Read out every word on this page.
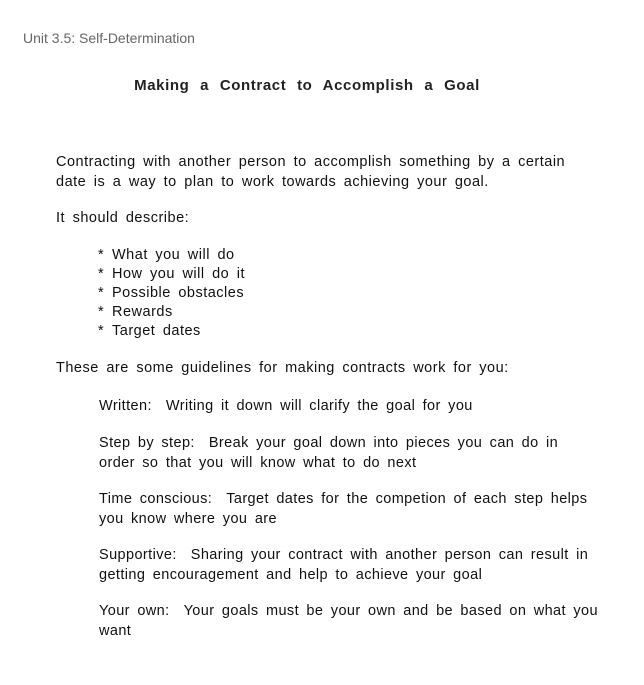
Unit 3.5: Self-Determination
Making a Contract to Accomplish a Goal
Contracting with another person to accomplish something by a certain date is a way to plan to work towards achieving your goal.
It should describe:
* What you will do
* How you will do it
* Possible obstacles
* Rewards
* Target dates
These are some guidelines for making contracts work for you:
Written: Writing it down will clarify the goal for you
Step by step: Break your goal down into pieces you can do in order so that you will know what to do next
Time conscious: Target dates for the competion of each step helps you know where you are
Supportive: Sharing your contract with another person can result in getting encouragement and help to achieve your goal
Your own: Your goals must be your own and be based on what you want
